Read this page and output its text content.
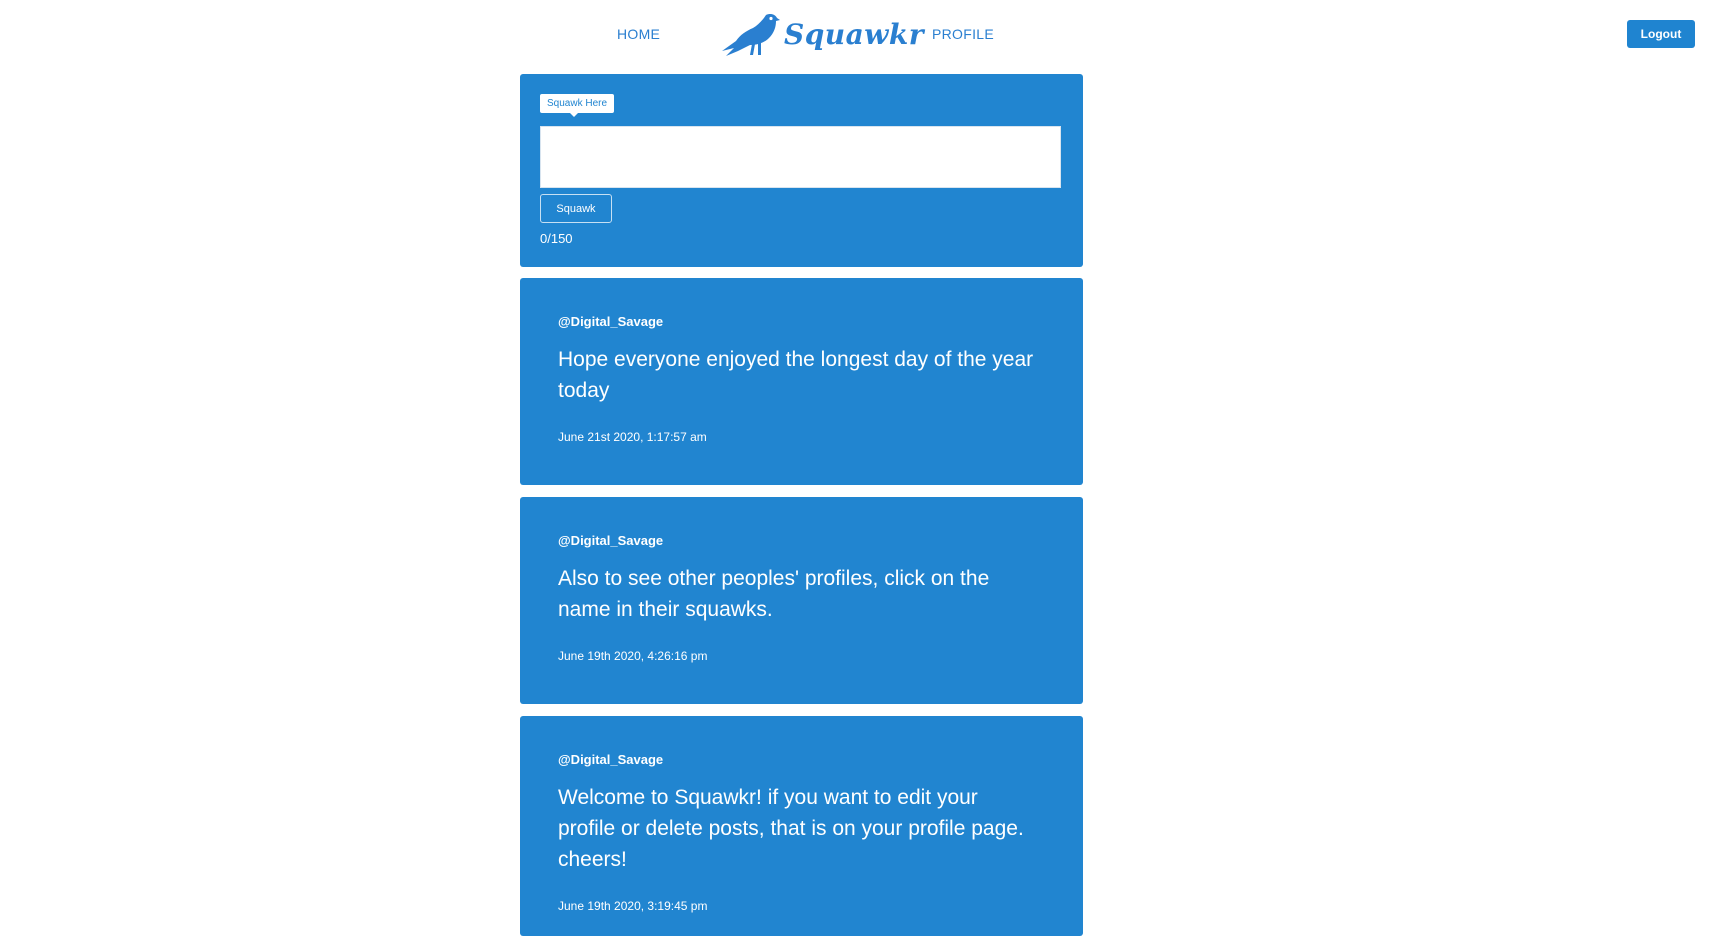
HOME	Squawkr PROFILE	Logout
Squawk Here
Squawk
0/150
@Digital_Savage
Hope everyone enjoyed the longest day of the year today
June 21st 2020, 1:17:57 am
@Digital_Savage
Also to see other peoples' profiles, click on the name in their squawks.
June 19th 2020, 4:26:16 pm
@Digital_Savage
Welcome to Squawkr! if you want to edit your profile or delete posts, that is on your profile page. cheers!
June 19th 2020, 3:19:45 pm
